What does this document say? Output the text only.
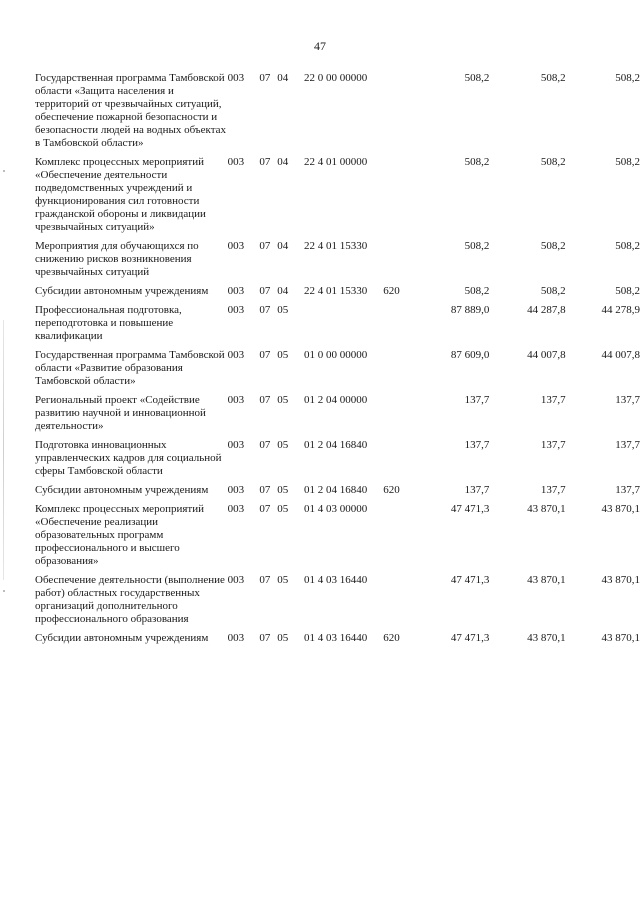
47
Государственная программа Тамбовской области «Защита населения и территорий от чрезвычайных ситуаций, обеспечение пожарной безопасности и безопасности людей на водных объектах в Тамбовской области»	003	07	04	22 0 00 00000		508,2	508,2	508,2
Комплекс процессных мероприятий «Обеспечение деятельности подведомственных учреждений и функционирования сил готовности гражданской обороны и ликвидации чрезвычайных ситуаций»	003	07	04	22 4 01 00000		508,2	508,2	508,2
Мероприятия для обучающихся по снижению рисков возникновения чрезвычайных ситуаций	003	07	04	22 4 01 15330		508,2	508,2	508,2
Субсидии автономным учреждениям	003	07	04	22 4 01 15330	620	508,2	508,2	508,2
Профессиональная подготовка, переподготовка и повышение квалификации	003	07	05			87 889,0	44 287,8	44 278,9
Государственная программа Тамбовской области «Развитие образования Тамбовской области»	003	07	05	01 0 00 00000		87 609,0	44 007,8	44 007,8
Региональный проект «Содействие развитию научной и инновационной деятельности»	003	07	05	01 2 04 00000		137,7	137,7	137,7
Подготовка инновационных управленческих кадров для социальной сферы Тамбовской области	003	07	05	01 2 04 16840		137,7	137,7	137,7
Субсидии автономным учреждениям	003	07	05	01 2 04 16840	620	137,7	137,7	137,7
Комплекс процессных мероприятий «Обеспечение реализации образовательных программ профессионального и высшего образования»	003	07	05	01 4 03 00000		47 471,3	43 870,1	43 870,1
Обеспечение деятельности (выполнение работ) областных государственных организаций дополнительного профессионального образования	003	07	05	01 4 03 16440		47 471,3	43 870,1	43 870,1
Субсидии автономным учреждениям	003	07	05	01 4 03 16440	620	47 471,3	43 870,1	43 870,1
